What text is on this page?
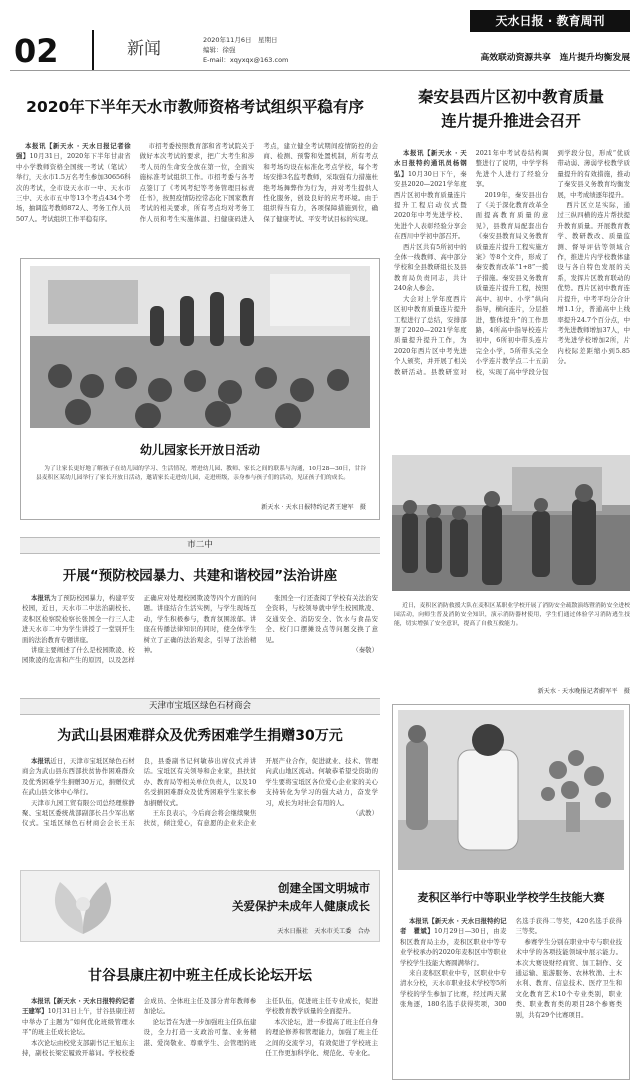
02	新闻	2020年11月6日　星期日
编辑：徐强
E-mail：xqyxqx@163.com
天水日报 · 教育周刊
高效联动资源共享　连片提升均衡发展
2020年下半年天水市教师资格考试组织平稳有序

本报讯【新天水 · 天水日报记者徐强】10月31日，2020年下半年甘肃省中小学教师资格全国统一考试（笔试）举行，天水市1.5万名考生参加30656科次的考试，全市设天水市一中、天水市三中、天水市五中等13个考点434个考场，抽调监考教师872人、考务工作人员507人。考试组织工作平稳有序。

市招考委按照教育部和省考试院关于做好本次考试的要求，把广大考生和涉考人员的生命安全放在第一位，全面实施标准考试组织工作。市招考委与各考点签订了《考风考纪等考务管理目标责任书》，按照疫情防控常态化下国家教育考试的相关要求，所有考点均对考务工作人员和考生实施体温、扫健康码进入考点，建立健全考试期间疫情防控的会商、检测、预警和处置机制，所有考点和考场均设在标准化考点学校，每个考场安排3名监考教师，采取强有力措施杜绝考场舞弊作为行为，并对考生提供人性化服务，创设良好的应考环境。由于组织得当有力，各项保障措施到位，确保了健康考试、平安考试目标的实现。

秦安县西片区初中教育质量
连片提升推进会召开

本报讯【新天水 · 天水日报特约通讯员杨钢弘】10月30日下午，秦安县2020—2021学年度西片区初中教育质量连片提升工程启动仪式暨2020年中考先进学校、先进个人表彰经验分享会在西川中学初中部召开。

西片区共有5所初中的全体一线教师、高中部分学校和全县教研组长及县教育局负责同志，共计240余人参会。

大会对上学年度西片区初中教育质量连片提升工程进行了总结，安排部署了2020—2021学年度质量提升提升工作，为2020年西片区中考先进个人颁奖，并开展了相关教研活动。县教研室对2021年中考试卷结构调整进行了说明，中学学科先进个人进行了经验分享。

2019年，秦安县出台了《关于深化教育改革全面提高教育质量的意见》，县教育局配套出台《秦安县教育局义务教育质量连片提升工程实施方案》等8个文件，形成了秦安教育改革“1+8”一揽子措施。秦安县义务教育质量连片提升工程，按照高中、初中、小学“纵向指导，横向连片，分层推进，整体提升”的工作思路，4所高中指导校连片初中，6所初中带头连片完全小学，5所带头完全小学连片教学点二十五前校，实现了高中学段分包到学段分包，形成“优质带动弱、薄弱学校教学质量提升的有效措施，推动了秦安县义务教育均衡发展，中考成绩逐年提升。

西片区立足实际，通过三纵四横的连片帮扶提升教育质量。开展教育教学、教研教改、质量监测、督导评估等领域合作，推进片内学校教体建设与各自特色发展的关系，发挥片区教育联动的优势。西片区初中教育连片提升，中考平均分合计增1.1分，普通高中上线率提升24.7个百分点，中考先进教师增加37人，中考先进学校增加2所，片内校际差距缩小到5.85分。

幼儿园家长开放日活动
为了让家长更好地了解孩子在幼儿园的学习、生活情况，增进幼儿园、教师、家长之间的联系与沟通，10月28—30日，甘谷县麦积区某幼儿园举行了家长开放日活动，邀请家长走进幼儿园，走进班级，亲身参与孩子们的活动，见证孩子们的成长。
新天水 · 天水日报特约记者王建军　摄
近日，麦积区消防救援大队在麦积区某职业学校开展了消防安全疏散演练暨消防安全进校园活动，向师生普及消防安全知识，演示消防器材使用，学生们通过体验学习消防逃生技能，切实增强了安全意识，提高了自救互救能力。
新天水 · 天水晚报记者蔚军平　摄
市二中
开展“预防校园暴力、共建和谐校园”法治讲座

本报讯为了预防校园暴力，构建平安校园，近日，天水市二中法治副校长、麦积区检察院检察长张国全一行三人走进天水市二中为学生讲授了一堂别开生面的法治教育专题讲座。

讲座主要阐述了什么是校园欺凌、校园欺凌的危害和产生的原因，以及怎样正确应对处理校园欺凌等四个方面的问题。讲座结合生活实例，与学生现场互动，学生积极参与，教育氛围浓郁。讲座在传播法律知识的同时，使全体学生树立了正确的法治观念，引导了法治精神。

张国全一行还查阅了学校有关法治安全资料，与校领导就中学生校园欺凌、交通安全、消防安全、饮水与食品安全、校门口摆摊设点等问题交换了意见。

（秦敬）

天津市宝坻区绿色石材商会
为武山县困难群众及优秀困难学生捐赠30万元

本报讯近日，天津市宝坻区绿色石材商会为武山县东西部扶贫协作困难群众及优秀困难学生捐赠30万元，捐赠仪式在武山县文体中心举行。

天津市九园工贸有限公司总经理蔡静聚、宝坻区委统战部副部长吕少军出席仪式。宝坻区绿色石材商会会长王东良，县委副书记何敏恭出席仪式并讲话。宝坻区有关领导和企业家，县扶贫办、教育局等相关单位负责人，以及10名受捐困难群众及优秀困难学生家长参加捐赠仪式。

王东良表示，今后商会将会继续聚焦扶贫，倾注爱心，有意愿的企业来企业开展产业合作，促进就业、技术、管理向武山地区流动。何敏恭希望受资助的学生要将宝坻区各位爱心企业家的关心支持转化为学习的强大动力，奋发学习，成长为对社会有用的人。

（武教）

创建全国文明城市
关爱保护未成年人健康成长
天水日报社　天水市关工委　合办
甘谷县康庄初中班主任成长论坛开坛

本报讯【新天水 · 天水日报特约记者王建军】10月31日上午，甘谷县康庄初中举办了主题为“如何优化班级管理水平”的班主任成长论坛。

本次论坛由校党支部副书记王旭东主持，副校长梁宏履致开幕词。学校校委会成员、全体班主任及部分青年教师参加论坛。

论坛旨在为进一步加强班主任队伍建设，全力打造一支政治可靠、业务精湛、爱岗敬业、尊重学生、会管理的班主任队伍，促进班主任专业成长，促进学校教育教学质量的全面提升。

本次论坛，进一步提高了班主任自身的理论修养和管理能力，加强了班主任之间的交流学习，有效促进了学校班主任工作更加科学化、规范化、专业化。

麦积区举行中等职业学校学生技能大赛

本报讯【新天水 · 天水日报特约记者　瞿斌】10月29日—30日，由麦积区教育局主办，麦积区职业中等专业学校承办的2020年麦积区中等职业学校学生技能大赛圆满举行。

来自麦积区职业中专，区职业中专清水分校，天水市职业技术学校等5所学校的学生参加了比赛，经过两天紧张角逐，180名选手获得奖项，300名选手获得二等奖，420名选手获得三等奖。

参赛学生分别在职业中专与职业技术中学的各项技能领域中展示能力。本次大赛设财经商贸、加工制作、交通运输、旅游服务、农林牧渔、土木水利、教育、信息技术、医疗卫生和文化教育艺术10个专业类别，职业类、职业教育类的项目28个参赛类别，共有29个比赛项目。
